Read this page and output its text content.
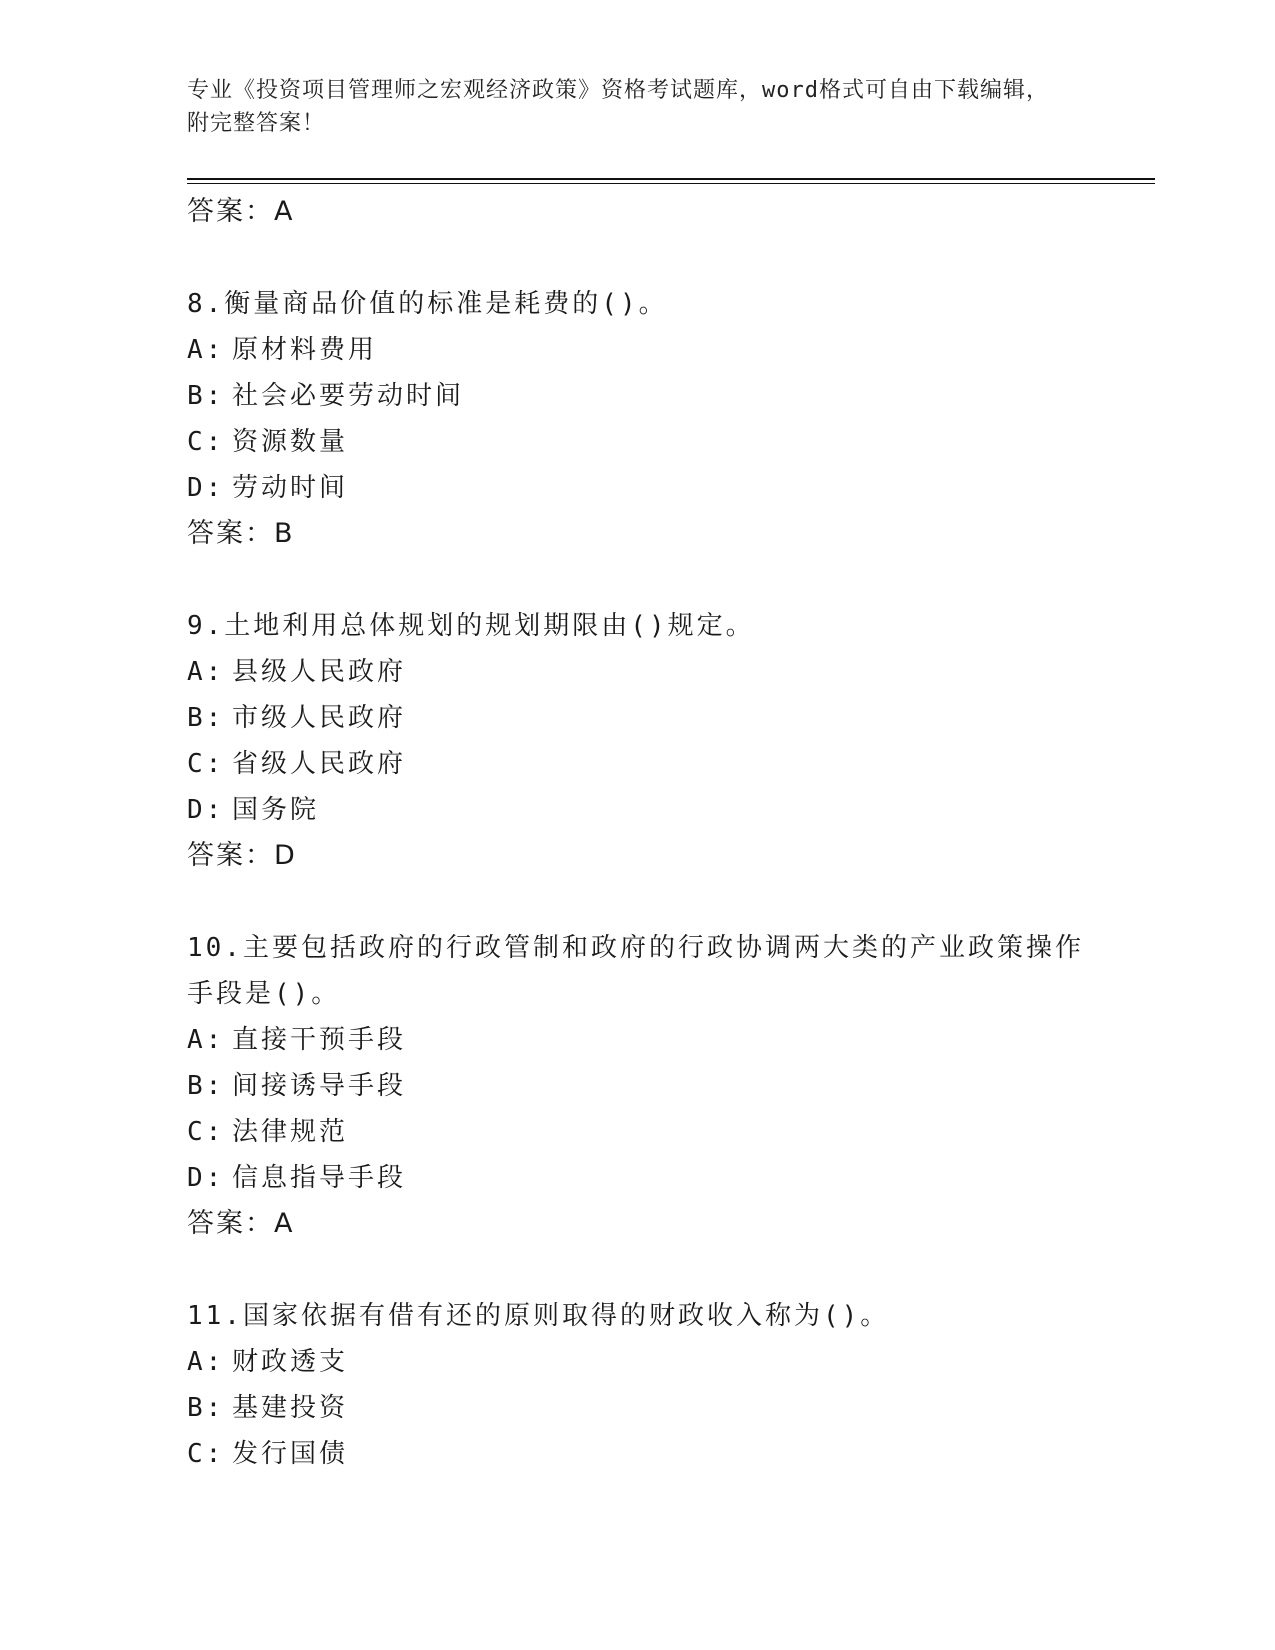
专业《投资项目管理师之宏观经济政策》资格考试题库，word格式可自由下载编辑，附完整答案！
答案：A
8.衡量商品价值的标准是耗费的()。
A: 原材料费用
B: 社会必要劳动时间
C: 资源数量
D: 劳动时间
答案：B
9.土地利用总体规划的规划期限由()规定。
A: 县级人民政府
B: 市级人民政府
C: 省级人民政府
D: 国务院
答案：D
10.主要包括政府的行政管制和政府的行政协调两大类的产业政策操作手段是()。
A: 直接干预手段
B: 间接诱导手段
C: 法律规范
D: 信息指导手段
答案：A
11.国家依据有借有还的原则取得的财政收入称为()。
A: 财政透支
B: 基建投资
C: 发行国债
